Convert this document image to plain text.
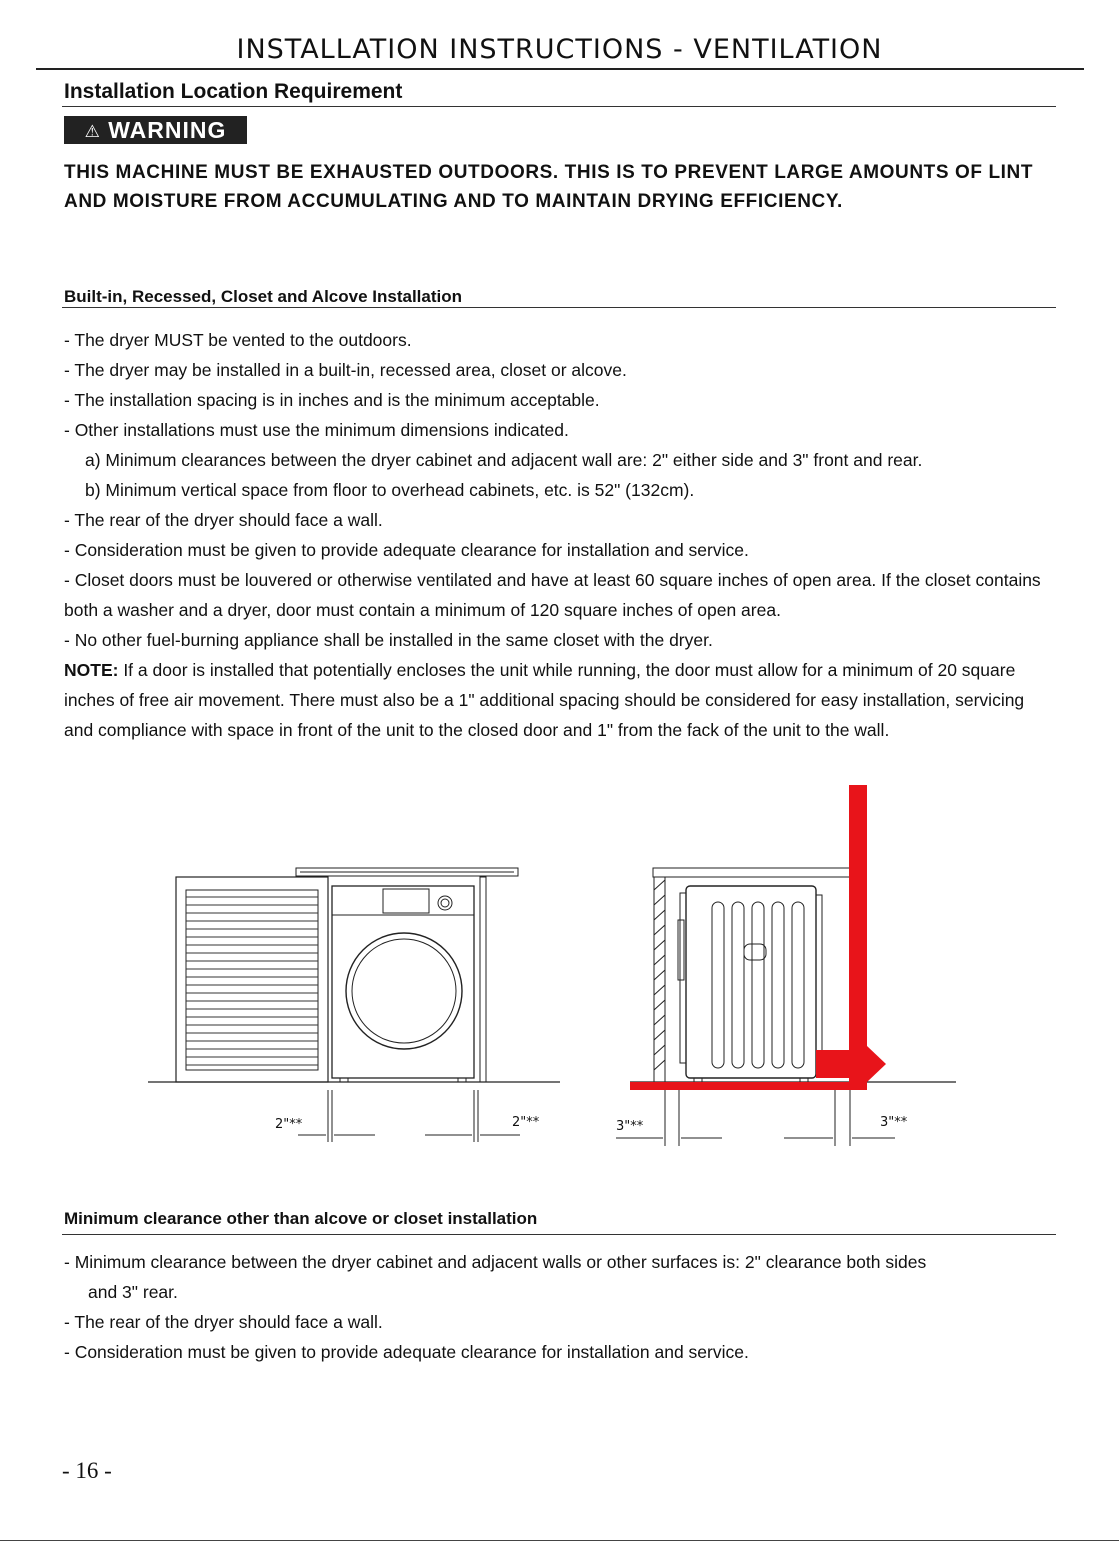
INSTALLATION INSTRUCTIONS - VENTILATION
Installation Location Requirement
⚠ WARNING
THIS MACHINE MUST BE EXHAUSTED OUTDOORS. THIS IS TO PREVENT LARGE AMOUNTS OF LINT AND MOISTURE FROM ACCUMULATING AND TO MAINTAIN DRYING EFFICIENCY.
Built-in, Recessed, Closet and Alcove Installation

- The dryer MUST be vented to the outdoors.

- The dryer may be installed in a built-in, recessed area, closet or alcove.

- The installation spacing is in inches and is the minimum acceptable.

- Other installations must use the minimum dimensions indicated.

a) Minimum clearances between the dryer cabinet and adjacent wall are: 2" either side and 3" front and rear.

b) Minimum vertical space from floor to overhead cabinets, etc. is 52" (132cm).

- The rear of the dryer should face a wall.

- Consideration must be given to provide adequate clearance for installation and service.

- Closet doors must be louvered or otherwise ventilated and have at least 60 square inches of open area. If the closet contains both a washer and a dryer, door must contain a minimum of 120 square inches of open area.

- No other fuel-burning appliance shall be installed in the same closet with the dryer.

NOTE: If a door is installed that potentially encloses the unit while running, the door must allow for a minimum of 20 square inches of free air movement. There must also be a 1" additional spacing should be considered for easy installation, servicing and compliance with space in front of the unit to the closed door and 1" from the fack of the unit to the wall.

2"**	2"**	3"**	3"**
Minimum clearance other than alcove or closet installation

- Minimum clearance between the dryer cabinet and adjacent walls or other surfaces is: 2" clearance both sides

and 3" rear.

- The rear of the dryer should face a wall.

- Consideration must be given to provide adequate clearance for installation and service.

- 16 -
